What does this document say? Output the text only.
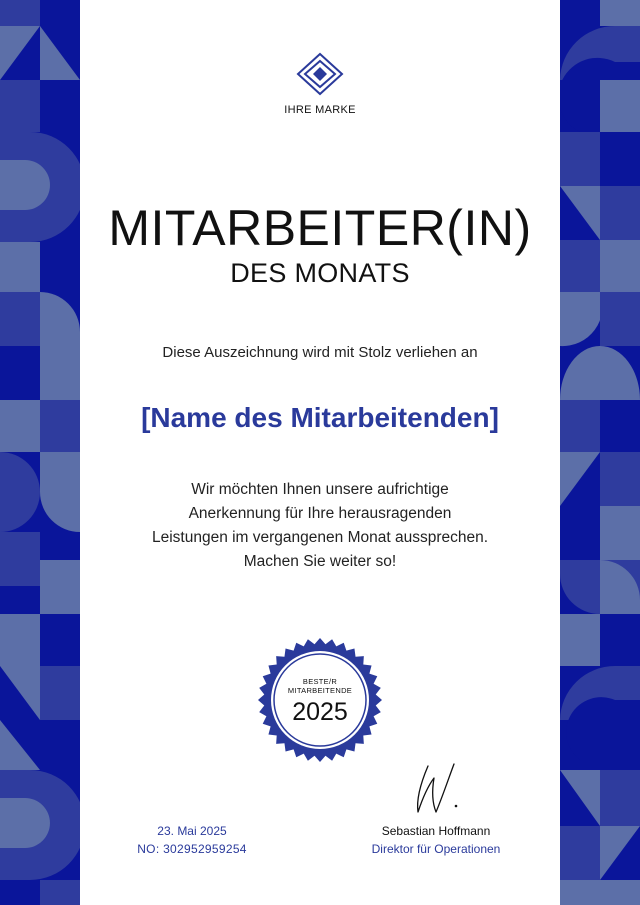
IHRE MARKE
MITARBEITER(IN)
DES MONATS
Diese Auszeichnung wird mit Stolz verliehen an
[Name des Mitarbeitenden]
Wir möchten Ihnen unsere aufrichtige Anerkennung für Ihre herausragenden Leistungen im vergangenen Monat aussprechen. Machen Sie weiter so!
BESTE/R
MITARBEITENDE
2025
23. Mai 2025
NO: 302952959254
Sebastian Hoffmann
Direktor für Operationen
